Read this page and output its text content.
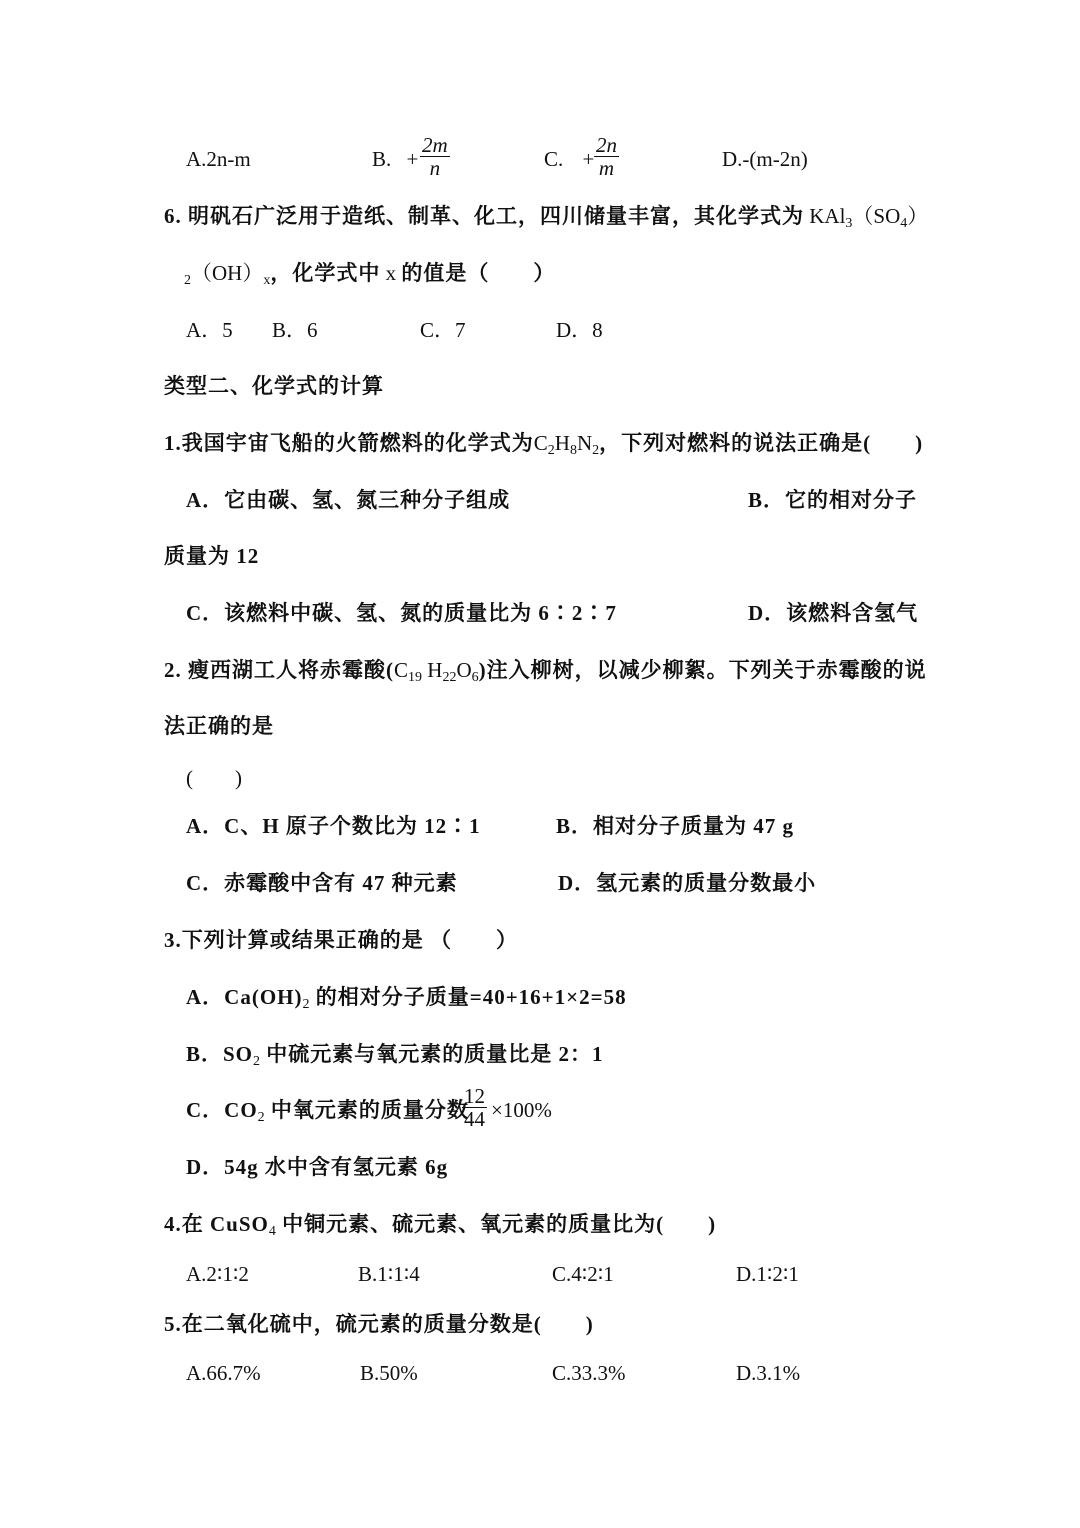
A.2n-m	B. + $\frac{2m}{n}$	C. + $\frac{2n}{m}$	D.-(m-2n)
6. 明矾石广泛用于造纸、制革、化工，四川储量丰富，其化学式为 $KAl_3(SO_4)$
$_2(OH)_x$，化学式中 x 的值是（　　）
A．5 B．6	C．7	D．8
类型二、化学式的计算
1.我国宇宙飞船的火箭燃料的化学式为$C_2H_8N_2$，下列对燃料的说法正确是(　　)
A．它由碳、氢、氮三种分子组成	B．它的相对分子
质量为 12
C．该燃料中碳、氢、氮的质量比为 6∶2∶7	D．该燃料含氢气
2. 瘦西湖工人将赤霉酸($C_{19}$ $H_{22}O_6$)注入柳树，以减少柳絮。下列关于赤霉酸的说
法正确的是
(　　)
A．C、H 原子个数比为 12∶1	B．相对分子质量为 47 g
C．赤霉酸中含有 47 种元素	D．氢元素的质量分数最小
3.下列计算或结果正确的是 （　　）
A．$Ca(OH)_2$ 的相对分子质量=40+16+1×2=58
B．$SO_2$ 中硫元素与氧元素的质量比是 2：1
C．$CO_2$ 中氧元素的质量分数
$\frac{12}{44} \times 100\%$
D．54g 水中含有氢元素 6g
4.在 CuSO$_4$ 中铜元素、硫元素、氧元素的质量比为(　　)
A.2∶1∶2	B.1∶1∶4	C.4∶2∶1	D.1∶2∶1
5.在二氧化硫中，硫元素的质量分数是(　　)
A.66.7%	B.50%	C.33.3%	D.3.1%
